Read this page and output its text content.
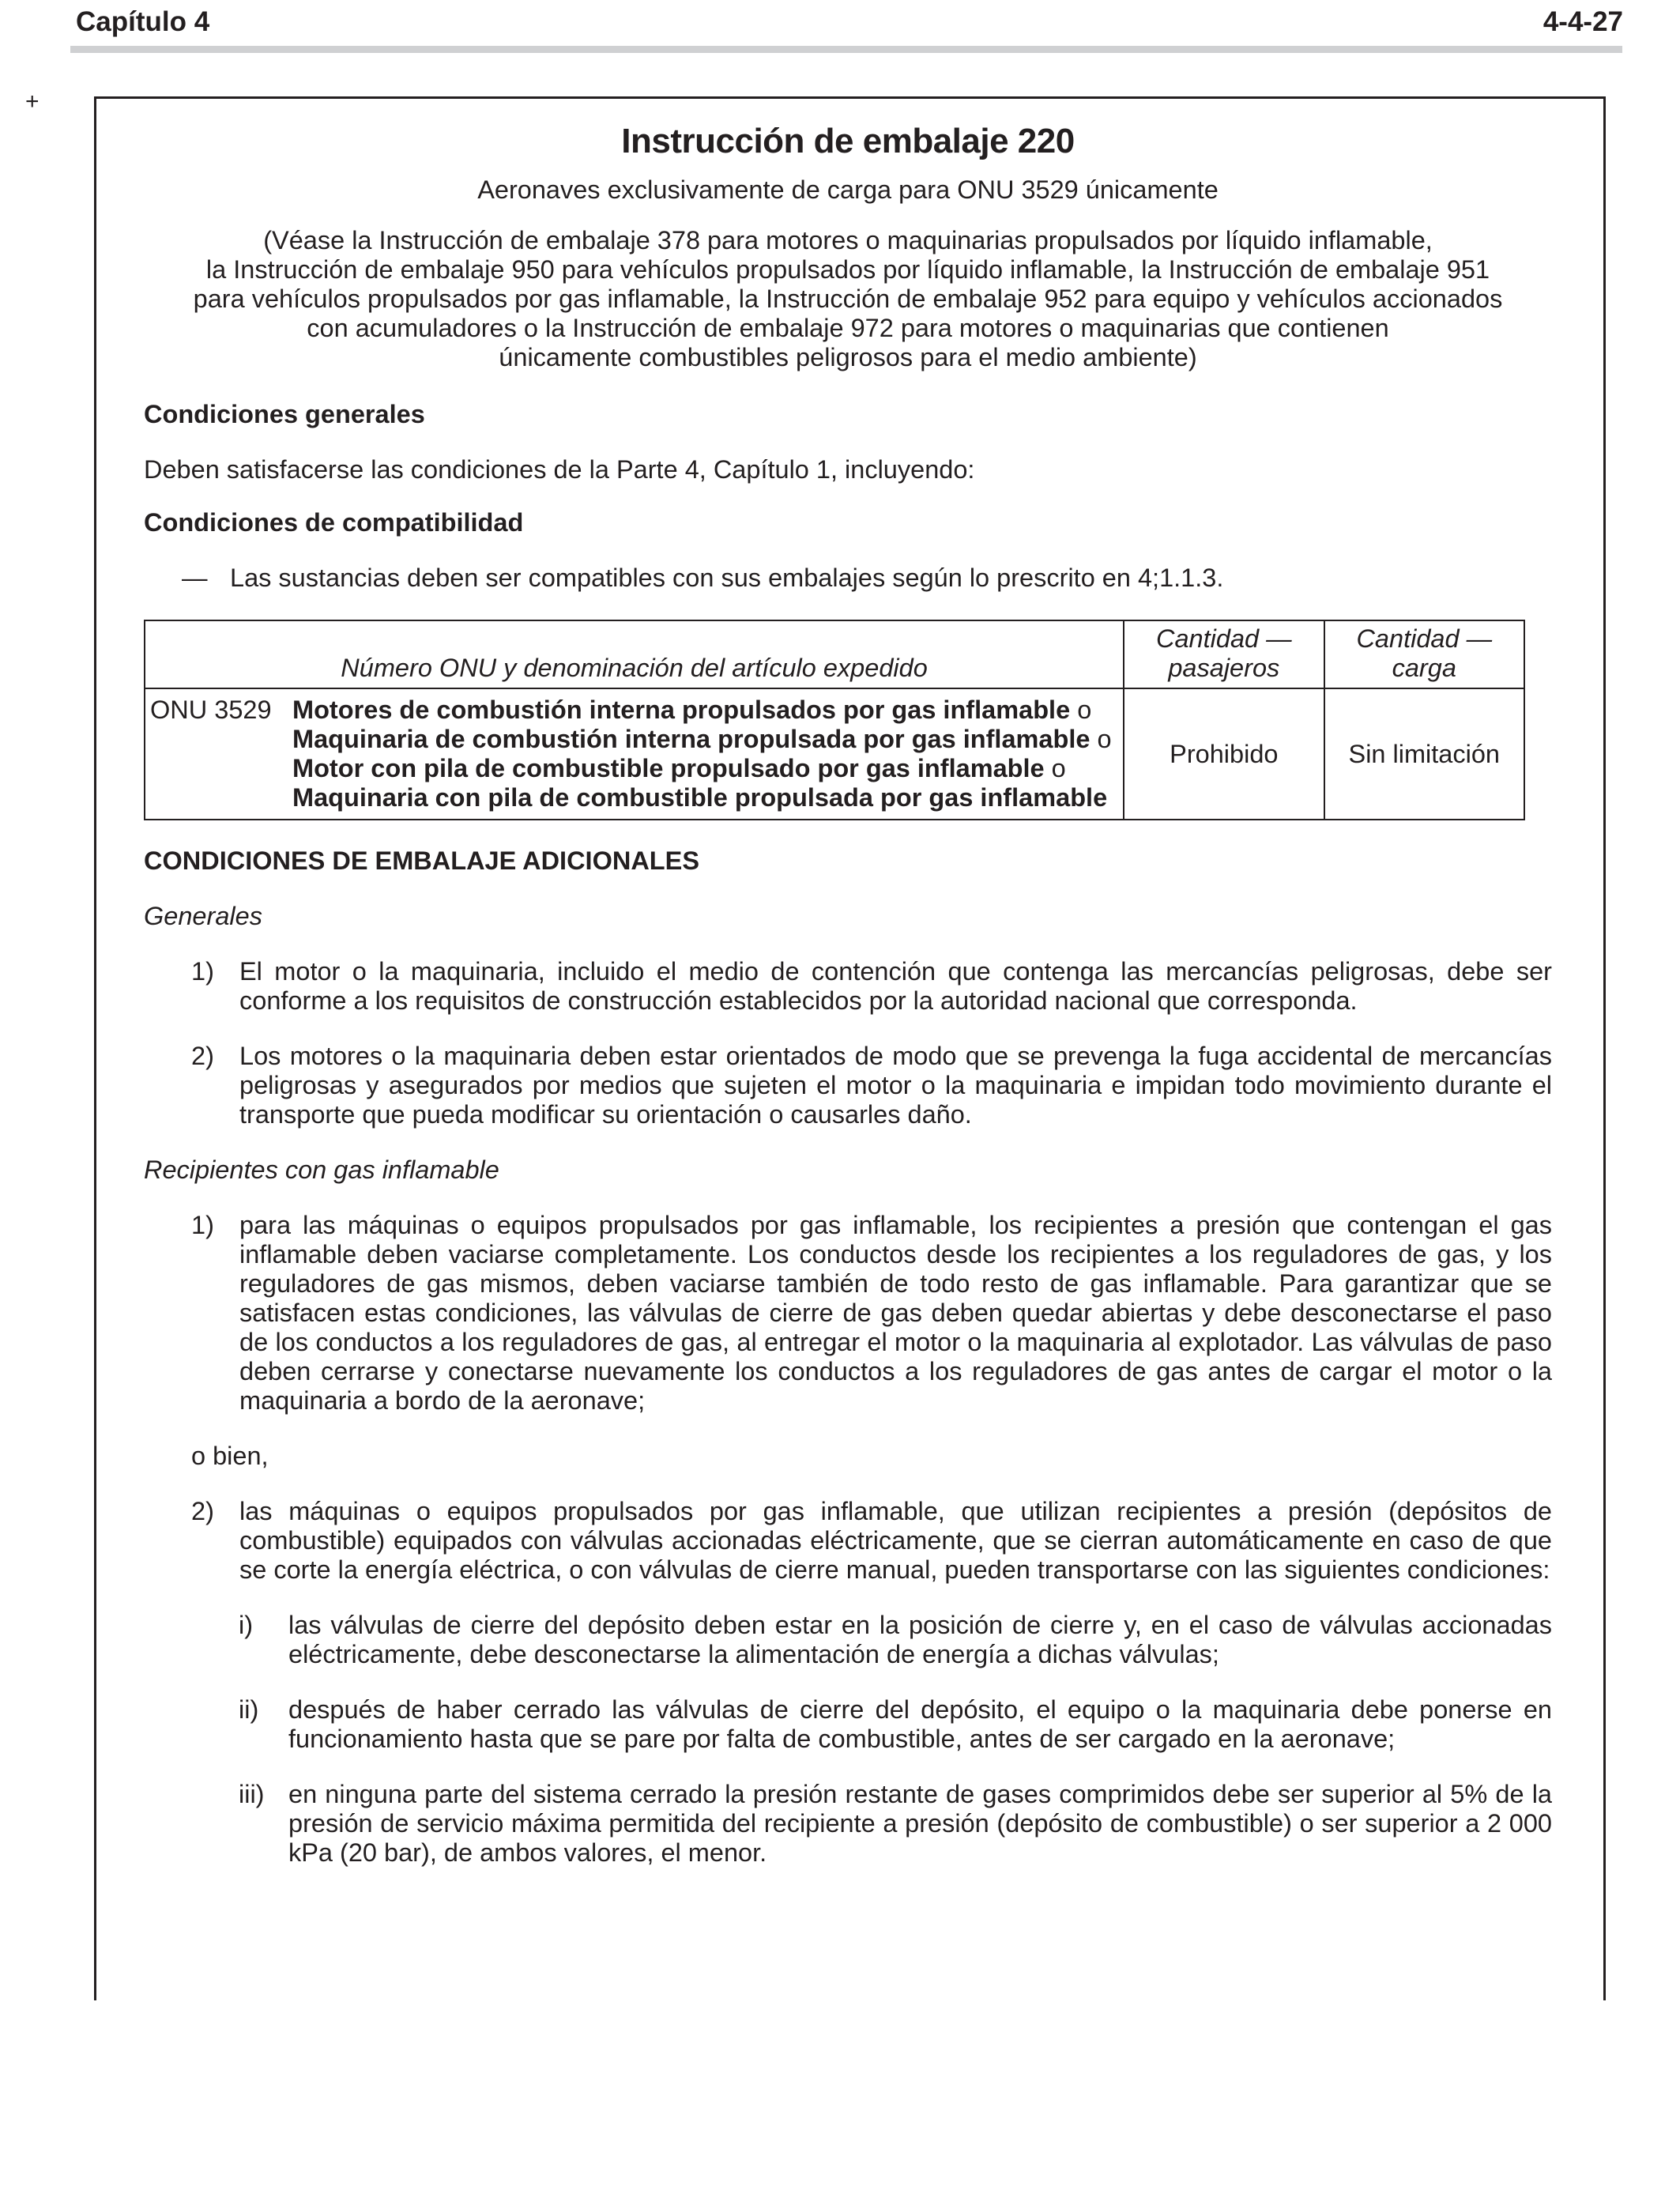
Capítulo 4	4-4-27
+

Instrucción de embalaje 220

Aeronaves exclusivamente de carga para ONU 3529 únicamente

(Véase la Instrucción de embalaje 378 para motores o maquinarias propulsados por líquido inflamable,
la Instrucción de embalaje 950 para vehículos propulsados por líquido inflamable, la Instrucción de embalaje 951
para vehículos propulsados por gas inflamable, la Instrucción de embalaje 952 para equipo y vehículos accionados
con acumuladores o la Instrucción de embalaje 972 para motores o maquinarias que contienen
únicamente combustibles peligrosos para el medio ambiente)

Condiciones generales

Deben satisfacerse las condiciones de la Parte 4, Capítulo 1, incluyendo:

Condiciones de compatibilidad

— Las sustancias deben ser compatibles con sus embalajes según lo prescrito en 4;1.1.3.

Número ONU y denominación del artículo expedido	Cantidad — pasajeros	Cantidad — carga
ONU 3529 Motores de combustión interna propulsados por gas inflamable o Maquinaria de combustión interna propulsada por gas inflamable o Motor con pila de combustible propulsado por gas inflamable o Maquinaria con pila de combustible propulsada por gas inflamable	Prohibido	Sin limitación

CONDICIONES DE EMBALAJE ADICIONALES

Generales

1) El motor o la maquinaria, incluido el medio de contención que contenga las mercancías peligrosas, debe ser conforme a los requisitos de construcción establecidos por la autoridad nacional que corresponda.

2) Los motores o la maquinaria deben estar orientados de modo que se prevenga la fuga accidental de mercancías peligrosas y asegurados por medios que sujeten el motor o la maquinaria e impidan todo movimiento durante el transporte que pueda modificar su orientación o causarles daño.

Recipientes con gas inflamable

1) para las máquinas o equipos propulsados por gas inflamable, los recipientes a presión que contengan el gas inflamable deben vaciarse completamente. Los conductos desde los recipientes a los reguladores de gas, y los reguladores de gas mismos, deben vaciarse también de todo resto de gas inflamable. Para garantizar que se satisfacen estas condiciones, las válvulas de cierre de gas deben quedar abiertas y debe desconectarse el paso de los conductos a los reguladores de gas, al entregar el motor o la maquinaria al explotador. Las válvulas de paso deben cerrarse y conectarse nuevamente los conductos a los reguladores de gas antes de cargar el motor o la maquinaria a bordo de la aeronave;

o bien,

2) las máquinas o equipos propulsados por gas inflamable, que utilizan recipientes a presión (depósitos de combustible) equipados con válvulas accionadas eléctricamente, que se cierran automáticamente en caso de que se corte la energía eléctrica, o con válvulas de cierre manual, pueden transportarse con las siguientes condiciones:

i) las válvulas de cierre del depósito deben estar en la posición de cierre y, en el caso de válvulas accionadas eléctricamente, debe desconectarse la alimentación de energía a dichas válvulas;

ii) después de haber cerrado las válvulas de cierre del depósito, el equipo o la maquinaria debe ponerse en funcionamiento hasta que se pare por falta de combustible, antes de ser cargado en la aeronave;

iii) en ninguna parte del sistema cerrado la presión restante de gases comprimidos debe ser superior al 5% de la presión de servicio máxima permitida del recipiente a presión (depósito de combustible) o ser superior a 2 000 kPa (20 bar), de ambos valores, el menor.
